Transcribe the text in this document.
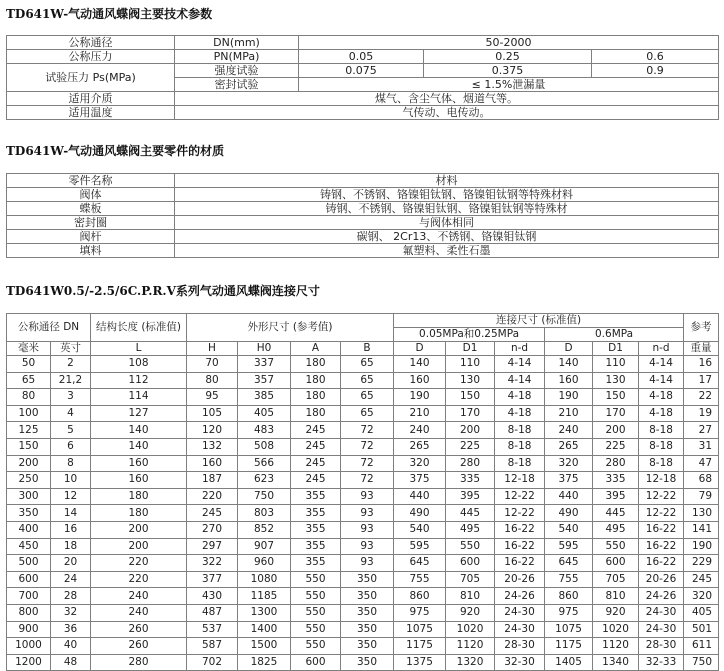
TD641W-气动通风蝶阀主要技术参数
公称通径	DN(mm)	50-2000		
公称压力	PN(MPa)	0.05	0.25	0.6
试验压力 Ps(MPa)	强度试验	0.075	0.375	0.9
	密封试验	≤ 1.5%泄漏量		
适用介质	煤气、含尘气体、烟道气等。			
适用温度	气传动、电传动。			
TD641W-气动通风蝶阀主要零件的材质
零件名称	材料
阀体	铸钢、不锈钢、铬镍钼钛钢、铬镍钼钛钢等特殊材料
蝶板	铸钢、不锈钢、铬镍钼钛钢、铬镍钼钛钢等特殊材
密封圈	与阀体相同
阀杆	碳钢、 2Cr13、不锈钢、铬镍钼钛钢
填料	氟塑料、柔性石墨
TD641W0.5/-2.5/6C.P.R.V系列气动通风蝶阀连接尺寸
公称通径 DN		结构长度 (标准值)	外形尺寸 (参考值)				连接尺寸 (标准值)						参考
							0.05MPa和0.25MPa			0.6MPa			
毫米	英寸	L	H	H0	A	B	D	D1	n-d	D	D1	n-d	重量
50	2	108	70	337	180	65	140	110	4-14	140	110	4-14	16
65	21,2	112	80	357	180	65	160	130	4-14	160	130	4-14	17
80	3	114	95	385	180	65	190	150	4-18	190	150	4-18	22
100	4	127	105	405	180	65	210	170	4-18	210	170	4-18	19
125	5	140	120	483	245	72	240	200	8-18	240	200	8-18	27
150	6	140	132	508	245	72	265	225	8-18	265	225	8-18	31
200	8	160	160	566	245	72	320	280	8-18	320	280	8-18	47
250	10	160	187	623	245	72	375	335	12-18	375	335	12-18	68
300	12	180	220	750	355	93	440	395	12-22	440	395	12-22	79
350	14	180	245	803	355	93	490	445	12-22	490	445	12-22	130
400	16	200	270	852	355	93	540	495	16-22	540	495	16-22	141
450	18	200	297	907	355	93	595	550	16-22	595	550	16-22	190
500	20	220	322	960	355	93	645	600	16-22	645	600	16-22	229
600	24	220	377	1080	550	350	755	705	20-26	755	705	20-26	245
700	28	240	430	1185	550	350	860	810	24-26	860	810	24-26	320
800	32	240	487	1300	550	350	975	920	24-30	975	920	24-30	405
900	36	260	537	1400	550	350	1075	1020	24-30	1075	1020	24-30	501
1000	40	260	587	1500	550	350	1175	1120	28-30	1175	1120	28-30	611
1200	48	280	702	1825	600	350	1375	1320	32-30	1405	1340	32-33	750
